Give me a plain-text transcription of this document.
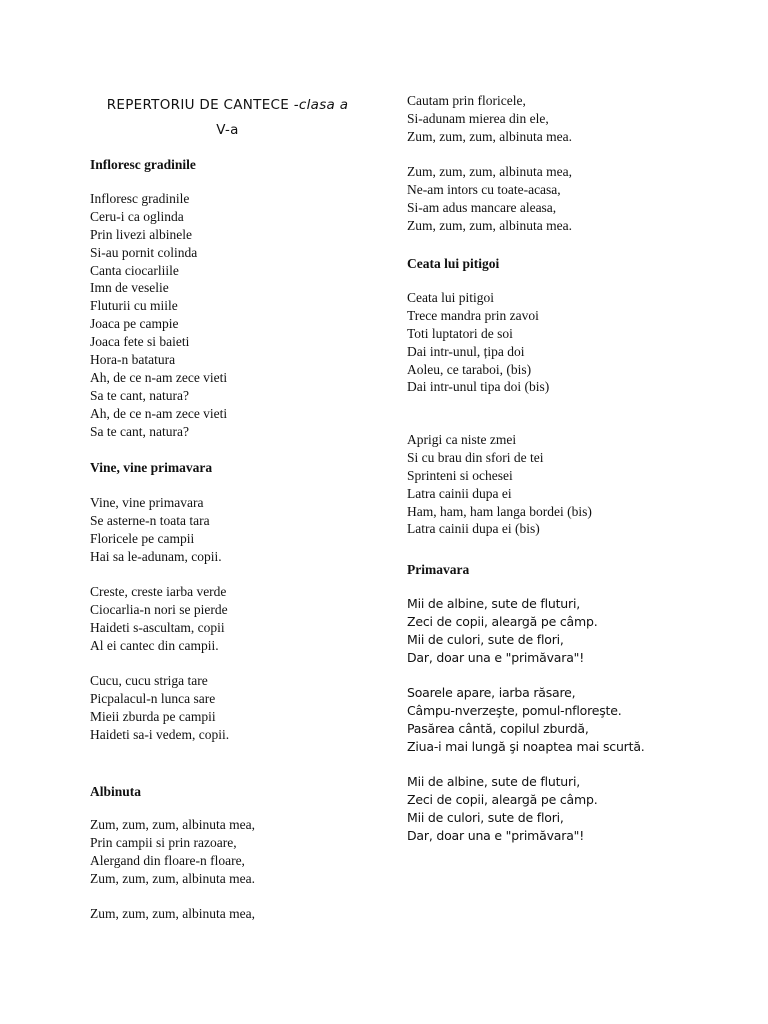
REPERTORIU DE CANTECE -clasa a
V-a
Infloresc gradinile
Infloresc gradinile
Ceru-i ca oglinda
Prin livezi albinele
Si-au pornit colinda
Canta ciocarliile
Imn de veselie
Fluturii cu miile
Joaca pe campie
Joaca fete si baieti
Hora-n batatura
Ah, de ce n-am zece vieti
Sa te cant, natura?
Ah, de ce n-am zece vieti
Sa te cant, natura?
Vine, vine primavara
Vine, vine primavara
Se asterne-n toata tara
Floricele pe campii
Hai sa le-adunam, copii.
Creste, creste iarba verde
Ciocarlia-n nori se pierde
Haideti s-ascultam, copii
Al ei cantec din campii.
Cucu, cucu striga tare
Picpalacul-n lunca sare
Mieii zburda pe campii
Haideti sa-i vedem, copii.
Albinuta
Zum, zum, zum, albinuta mea,
Prin campii si prin razoare,
Alergand din floare-n floare,
Zum, zum, zum, albinuta mea.
Zum, zum, zum, albinuta mea,
Cautam prin floricele,
Si-adunam mierea din ele,
Zum, zum, zum, albinuta mea.
Zum, zum, zum, albinuta mea,
Ne-am intors cu toate-acasa,
Si-am adus mancare aleasa,
Zum, zum, zum, albinuta mea.
Ceata lui pitigoi
Ceata lui pitigoi
Trece mandra prin zavoi
Toti luptatori de soi
Dai intr-unul, țipa doi
Aoleu, ce taraboi, (bis)
Dai intr-unul tipa doi (bis)
Aprigi ca niste zmei
Si cu brau din sfori de tei
Sprinteni si ochesei
Latra cainii dupa ei
Ham, ham, ham langa bordei (bis)
Latra cainii dupa ei (bis)
Primavara
Mii de albine, sute de fluturi,
Zeci de copii, aleargă pe câmp.
Mii de culori, sute de flori,
Dar, doar una e "primăvara"!
Soarele apare, iarba răsare,
Câmpu-nverzeşte, pomul-nfloreşte.
Pasărea cântă, copilul zburdă,
Ziua-i mai lungă şi noaptea mai scurtă.
Mii de albine, sute de fluturi,
Zeci de copii, aleargă pe câmp.
Mii de culori, sute de flori,
Dar, doar una e "primăvara"!
